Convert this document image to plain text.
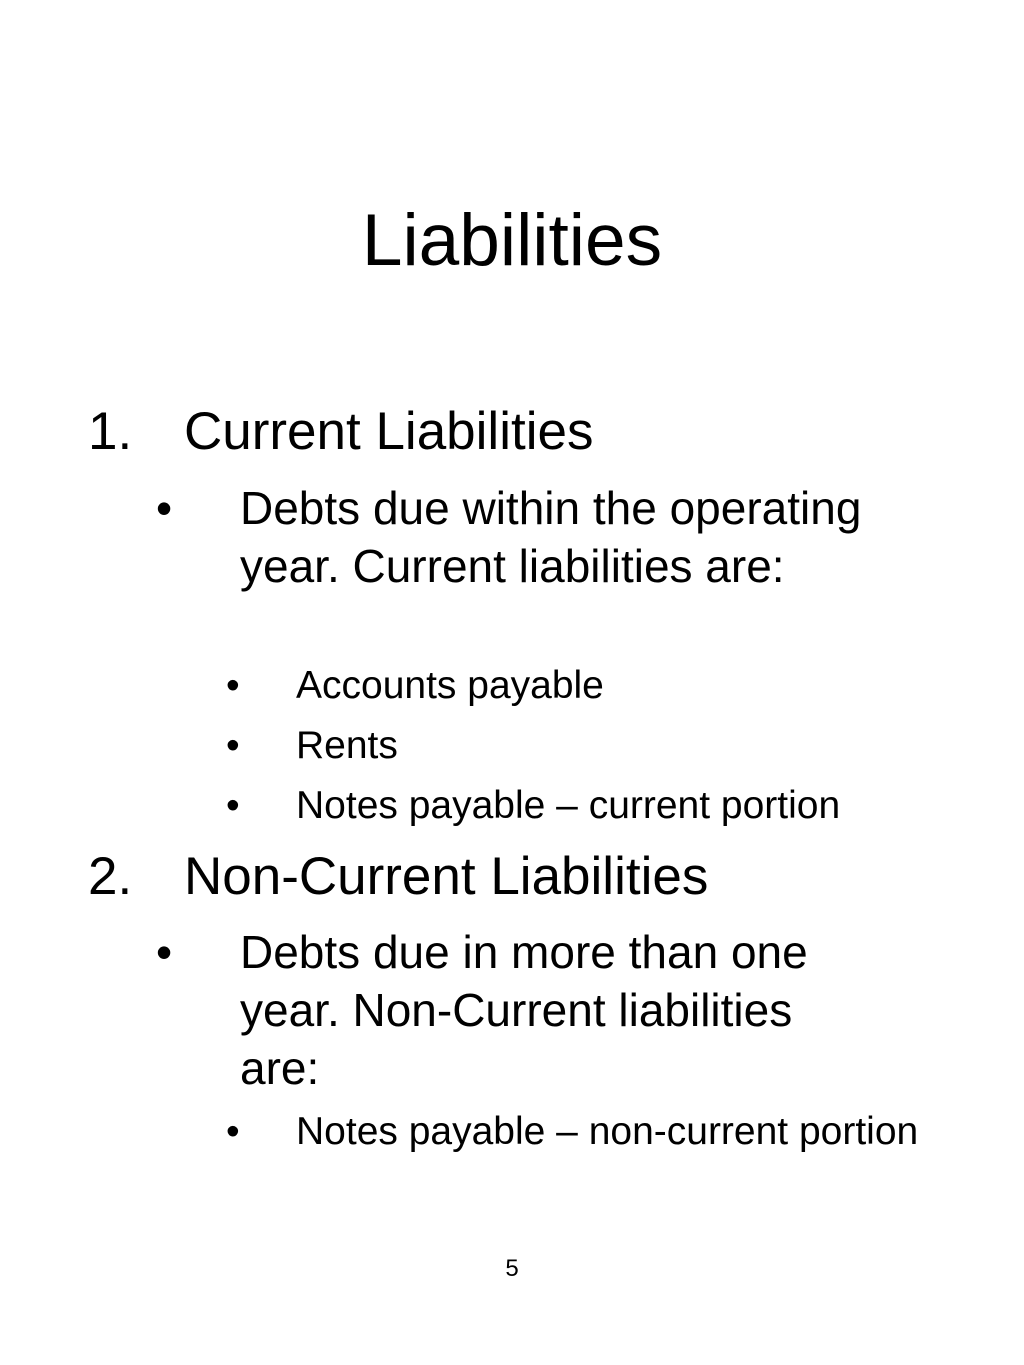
Liabilities
1. Current Liabilities
• Debts due within the operating year. Current liabilities are:
• Accounts payable
• Rents
• Notes payable – current portion
2. Non-Current Liabilities
• Debts due in more than one year. Non-Current liabilities are:
• Notes payable – non-current portion
5
